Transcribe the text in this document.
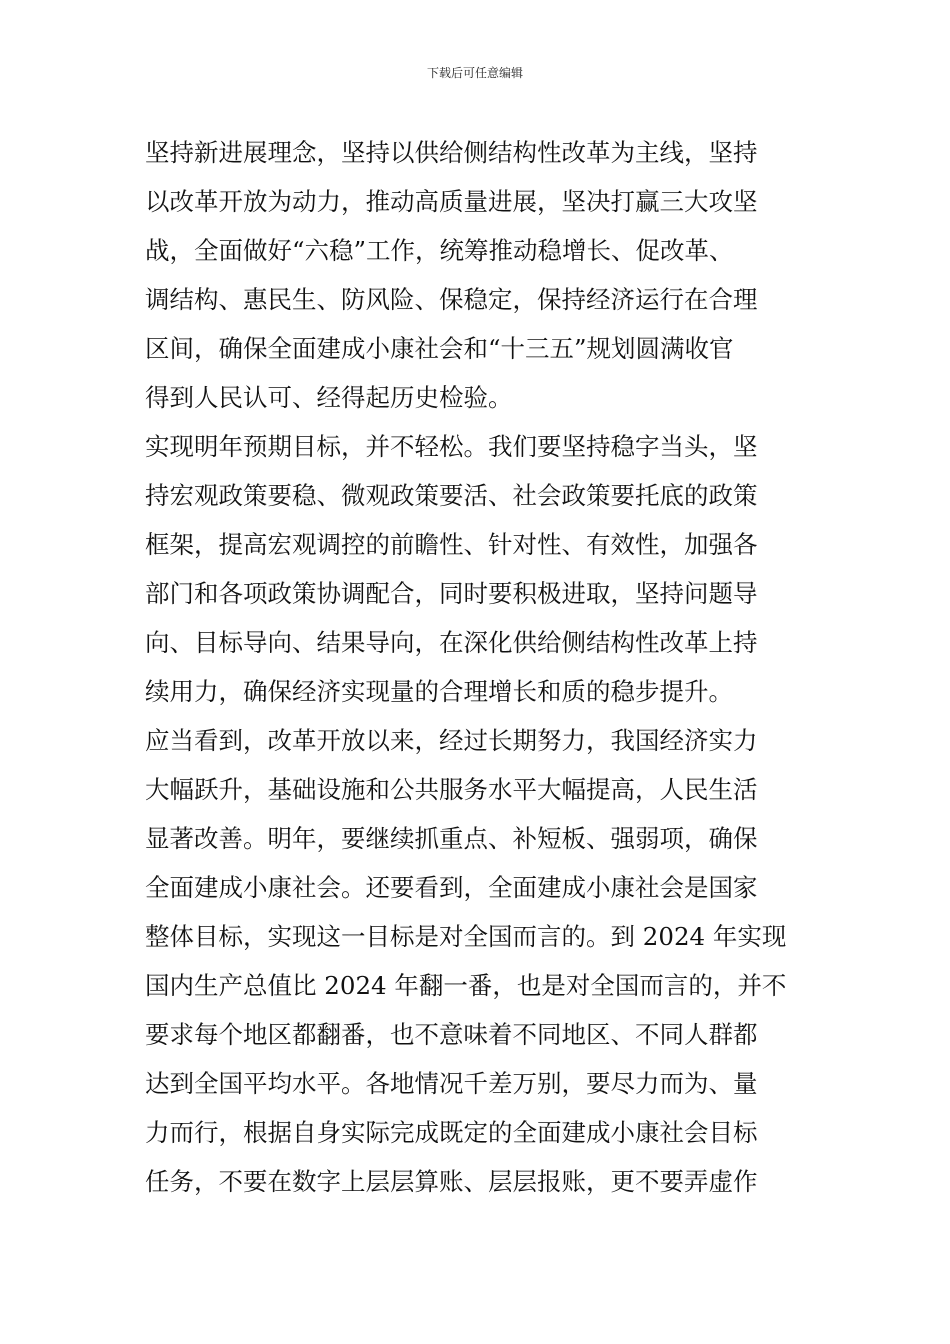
下载后可任意编辑
坚持新进展理念，坚持以供给侧结构性改革为主线，坚持
以改革开放为动力，推动高质量进展，坚决打赢三大攻坚
战，全面做好“六稳”工作，统筹推动稳增长、促改革、
调结构、惠民生、防风险、保稳定，保持经济运行在合理
区间，确保全面建成小康社会和“十三五”规划圆满收官
得到人民认可、经得起历史检验。
实现明年预期目标，并不轻松。我们要坚持稳字当头，坚
持宏观政策要稳、微观政策要活、社会政策要托底的政策
框架，提高宏观调控的前瞻性、针对性、有效性，加强各
部门和各项政策协调配合，同时要积极进取，坚持问题导
向、目标导向、结果导向，在深化供给侧结构性改革上持
续用力，确保经济实现量的合理增长和质的稳步提升。
应当看到，改革开放以来，经过长期努力，我国经济实力
大幅跃升，基础设施和公共服务水平大幅提高，人民生活
显著改善。明年，要继续抓重点、补短板、强弱项，确保
全面建成小康社会。还要看到，全面建成小康社会是国家
整体目标，实现这一目标是对全国而言的。到 2024 年实现
国内生产总值比 2024 年翻一番，也是对全国而言的，并不
要求每个地区都翻番，也不意味着不同地区、不同人群都
达到全国平均水平。各地情况千差万别，要尽力而为、量
力而行，根据自身实际完成既定的全面建成小康社会目标
任务，不要在数字上层层算账、层层报账，更不要弄虚作
